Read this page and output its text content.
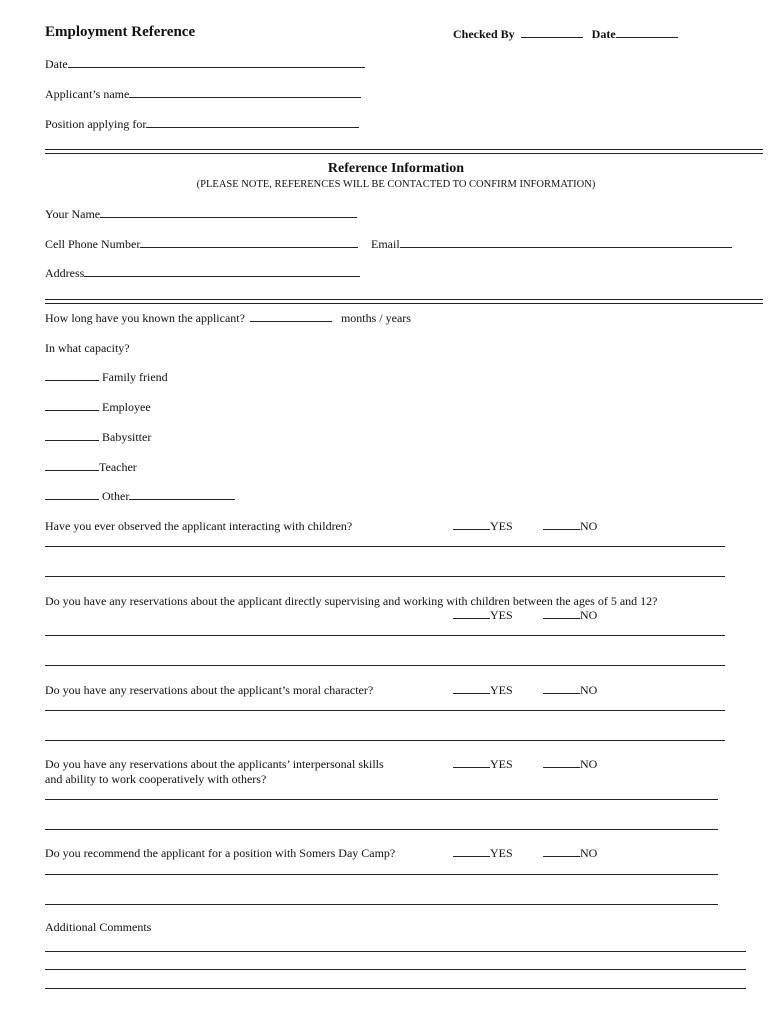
Employment Reference	Checked By	Date
Date
Applicant’s name
Position applying for
Reference Information
(PLEASE NOTE, REFERENCES WILL BE CONTACTED TO CONFIRM INFORMATION)
Your Name
Cell Phone Number	Email
Address
How long have you known the applicant?	months / years
In what capacity?
Family friend
Employee
Babysitter
Teacher
Other
Have you ever observed the applicant interacting with children?	YES	NO
Do you have any reservations about the applicant directly supervising and working with children between the ages of 5 and 12?
YES	NO
Do you have any reservations about the applicant’s moral character?	YES	NO
Do you have any reservations about the applicants’ interpersonal skills
and ability to work cooperatively with others?
YES	NO
Do you recommend the applicant for a position with Somers Day Camp?	YES	NO
Additional Comments
